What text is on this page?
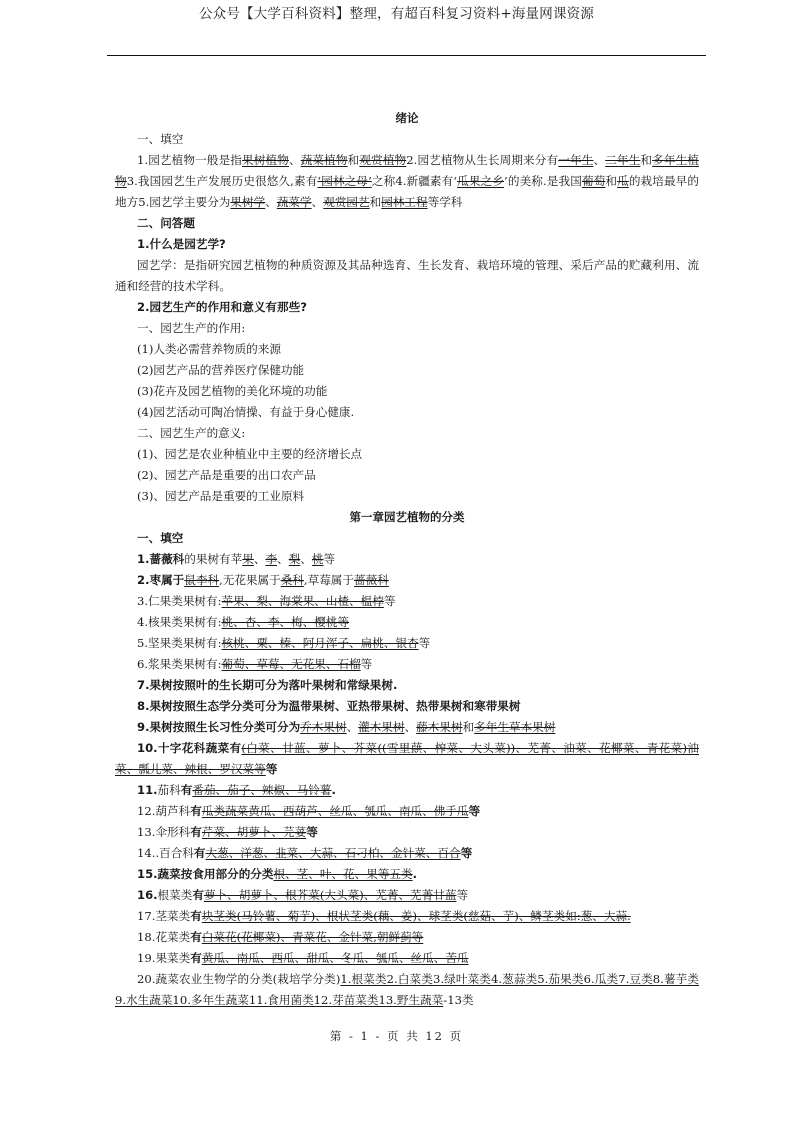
公众号【大学百科资料】整理，有超百科复习资料+海量网课资源
绪论
一、填空
1.园艺植物一般是指果树植物、蔬菜植物和观赏植物2.园艺植物从生长周期来分有一年生、二年生和多年生植物3.我国园艺生产发展历史很悠久,素有‘园林之母’之称4.新疆素有‘瓜果之乡’的美称.是我国葡萄和瓜的栽培最早的地方5.园艺学主要分为果树学、蔬菜学、观赏园艺和园林工程等学科
二、问答题
1.什么是园艺学?
园艺学：是指研究园艺植物的种质资源及其品种选育、生长发育、栽培环境的管理、采后产品的贮藏利用、流通和经营的技术学科。
2.园艺生产的作用和意义有那些?
一、园艺生产的作用:
(1)人类必需营养物质的来源
(2)园艺产品的营养医疗保健功能
(3)花卉及园艺植物的美化环境的功能
(4)园艺活动可陶冶情操、有益于身心健康.
二、园艺生产的意义:
(1)、园艺是农业种植业中主要的经济增长点
(2)、园艺产品是重要的出口农产品
(3)、园艺产品是重要的工业原料
第一章园艺植物的分类
一、填空
1.蔷薇科的果树有苹果、李、梨、桃等
2.枣属于鼠李科,无花果属于桑科,草莓属于蔷薇科
3.仁果类果树有:苹果、梨、海棠果、山楂、榅桲等
4.核果类果树有:桃、杏、李、梅、樱桃等
5.坚果类果树有:核桃、栗、榛、阿月浑子、扁桃、银杏等
6.浆果类果树有:葡萄、草莓、无花果、石榴等
7.果树按照叶的生长期可分为落叶果树和常绿果树.
8.果树按照生态学分类可分为温带果树、亚热带果树、热带果树和寒带果树
9.果树按照生长习性分类可分为乔木果树、灌木果树、藤木果树和多年生草本果树
10.十字花科蔬菜有(白菜、甘蓝、萝卜、芥菜((雪里蕻、榨菜、大头菜))、芜菁、油菜、花椰菜、青花菜)油菜、瓢儿菜、辣根、罗汉菜等等
11.茄科有番茄、茄子、辣椒、马铃薯.
12.葫芦科有瓜类蔬菜黄瓜、西葫芦、丝瓜、瓠瓜、南瓜、佛手瓜等
13.伞形科有芹菜、胡萝卜、芫荽等
14..百合科有大葱、洋葱、韭菜、大蒜、石刁柏、金针菜、百合等
15.蔬菜按食用部分的分类根、茎、叶、花、果等五类.
16.根菜类有萝卜、胡萝卜、根芥菜(大头菜)、芜菁、芜菁甘蓝等
17.茎菜类有块茎类(马铃薯、菊芋)、根状茎类(藕、姜)、球茎类(慈菇、芋)、鳞茎类如:葱、大蒜.
18.花菜类有白菜花(花椰菜)、青菜花、金针菜,朝鲜蓟等
19.果菜类有黄瓜、南瓜、西瓜、甜瓜、冬瓜、瓠瓜、丝瓜、苦瓜
20.蔬菜农业生物学的分类(栽培学分类)1.根菜类2.白菜类3.绿叶菜类4.葱蒜类5.茄果类6.瓜类7.豆类8.薯芋类9.水生蔬菜10.多年生蔬菜11.食用菌类12.芽苗菜类13.野生蔬菜-13类
第 - 1 - 页 共 12 页
